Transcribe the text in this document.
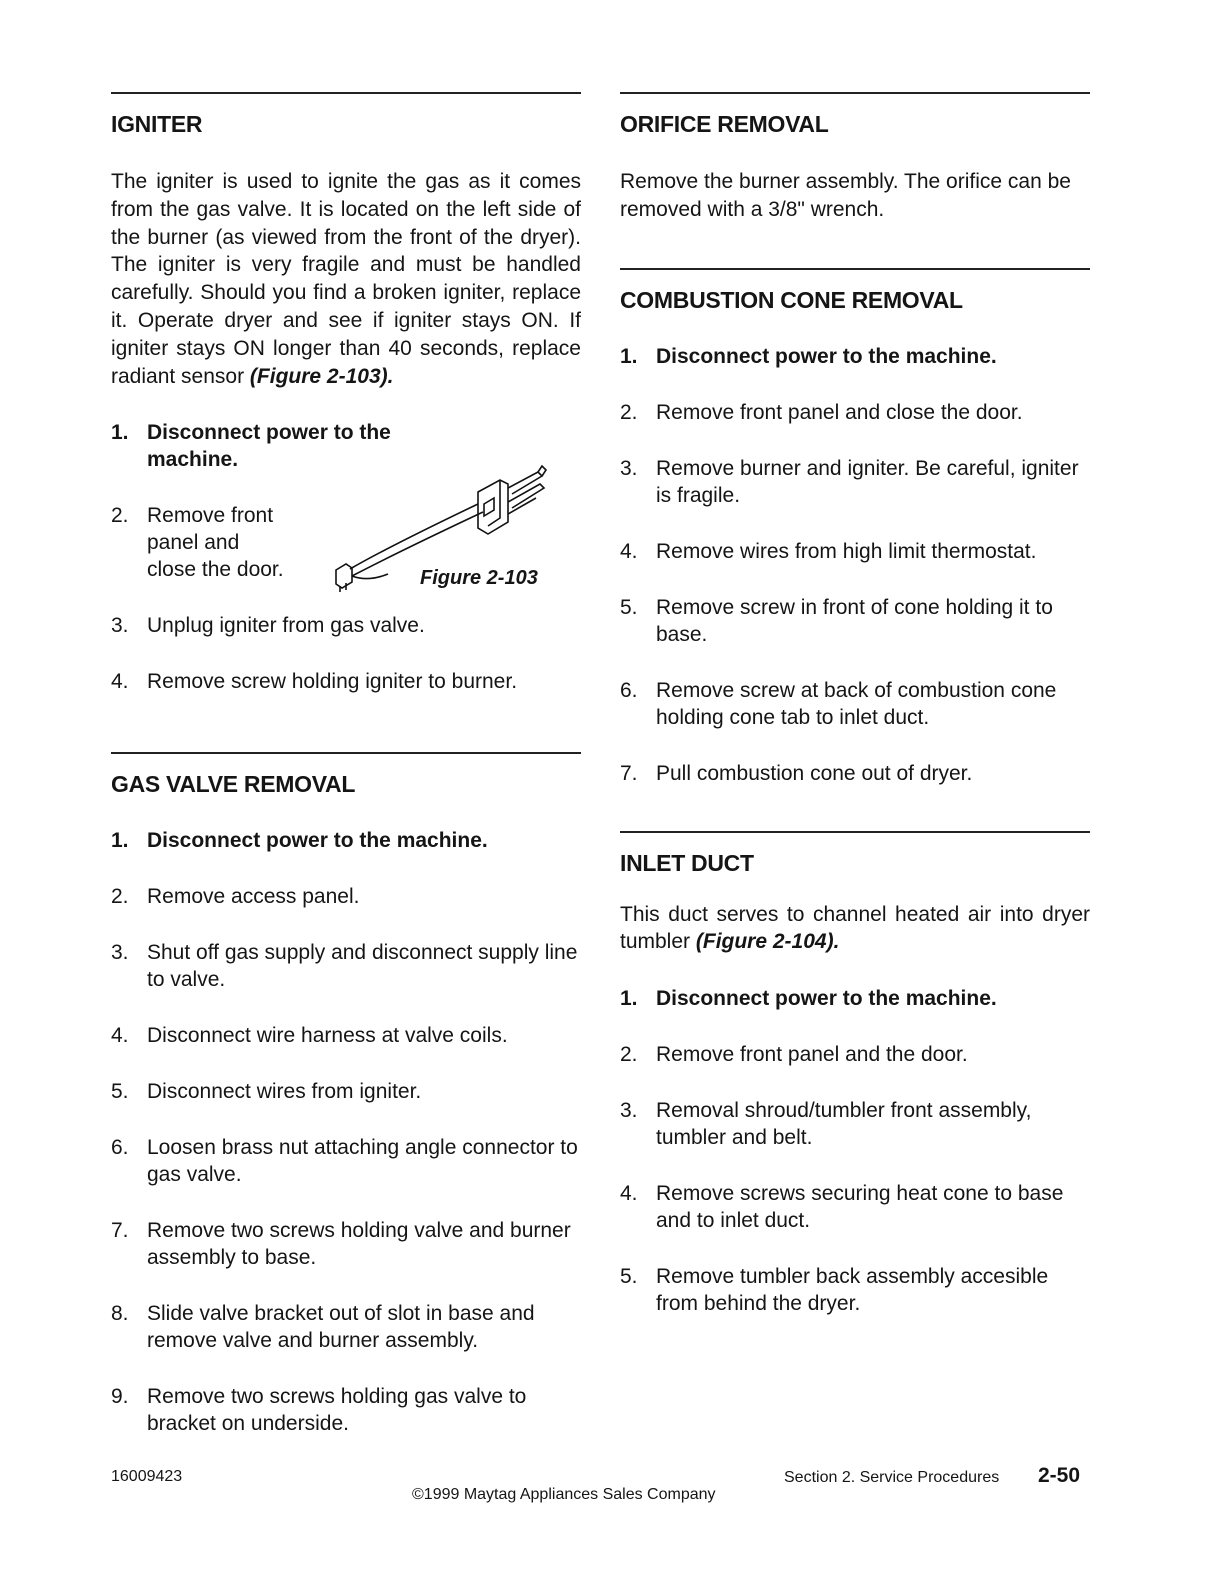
IGNITER

The igniter is used to ignite the gas as it comes from the gas valve. It is located on the left side of the burner (as viewed from the front of the dryer). The igniter is very fragile and must be handled carefully. Should you find a broken igniter, replace it. Operate dryer and see if igniter stays ON. If igniter stays ON longer than 40 seconds, replace radiant sensor (Figure 2-103).

1. Disconnect power to the machine.
2. Remove front panel and close the door.
3. Unplug igniter from gas valve.
4. Remove screw holding igniter to burner.
Figure 2-103
GAS VALVE REMOVAL
1. Disconnect power to the machine.
2. Remove access panel.
3. Shut off gas supply and disconnect supply line to valve.
4. Disconnect wire harness at valve coils.
5. Disconnect wires from igniter.
6. Loosen brass nut attaching angle connector to gas valve.
7. Remove two screws holding valve and burner assembly to base.
8. Slide valve bracket out of slot in base and remove valve and burner assembly.
9. Remove two screws holding gas valve to bracket on underside.
ORIFICE REMOVAL

Remove the burner assembly. The orifice can be removed with a 3/8" wrench.

COMBUSTION CONE REMOVAL
1. Disconnect power to the machine.
2. Remove front panel and close the door.
3. Remove burner and igniter. Be careful, igniter is fragile.
4. Remove wires from high limit thermostat.
5. Remove screw in front of cone holding it to base.
6. Remove screw at back of combustion cone holding cone tab to inlet duct.
7. Pull combustion cone out of dryer.
INLET DUCT

This duct serves to channel heated air into dryer tumbler (Figure 2-104).

1. Disconnect power to the machine.
2. Remove front panel and the door.
3. Removal shroud/tumbler front assembly, tumbler and belt.
4. Remove screws securing heat cone to base and to inlet duct.
5. Remove tumbler back assembly accesible from behind the dryer.
16009423
©1999 Maytag Appliances Sales Company
Section 2. Service Procedures 2-50
